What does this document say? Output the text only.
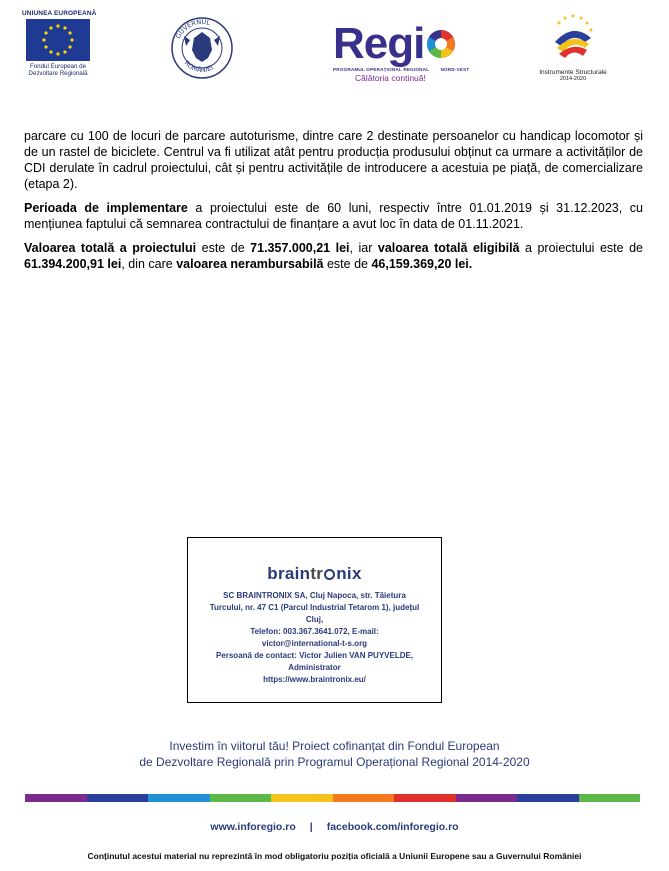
UNIUNEA EUROPEANĂ
Fondul European de
Dezvoltare Regională
GUVERNUL
ROMÂNIEI	Regi
PROGRAMUL OPERAȚIONAL REGIONAL NORD-VEST
Călătoria continuă!
Instrumente Structurale
2014-2020

parcare cu 100 de locuri de parcare autoturisme, dintre care 2 destinate persoanelor cu handicap locomotor și de un rastel de biciclete. Centrul va fi utilizat atât pentru producția produsului obținut ca urmare a activităților de CDI derulate în cadrul proiectului, cât și pentru activitățile de introducere a acestuia pe piață, de comercializare (etapa 2).

Perioada de implementare a proiectului este de 60 luni, respectiv între 01.01.2019 și 31.12.2023, cu mențiunea faptului că semnarea contractului de finanțare a avut loc în data de 01.11.2021.

Valoarea totală a proiectului este de 71.357.000,21 lei, iar valoarea totală eligibilă a proiectului este de 61.394.200,91 lei, din care valoarea nerambursabilă este de 46,159.369,20 lei.

braintr nix
SC BRAINTRONIX SA, Cluj Napoca, str. Tăietura
Turcului, nr. 47 C1 (Parcul Industrial Tetarom 1), județul
Cluj,
Telefon: 003.367.3641.072, E-mail:
victor@international-t-s.org
Persoană de contact: Victor Julien VAN PUYVELDE,
Administrator
https://www.braintronix.eu/
Investim în viitorul tău! Proiect cofinanțat din Fondul European
de Dezvoltare Regională prin Programul Operațional Regional 2014-2020
www.inforegio.ro | facebook.com/inforegio.ro
Conținutul acestui material nu reprezintă în mod obligatoriu poziția oficială a Uniunii Europene sau a Guvernului României
